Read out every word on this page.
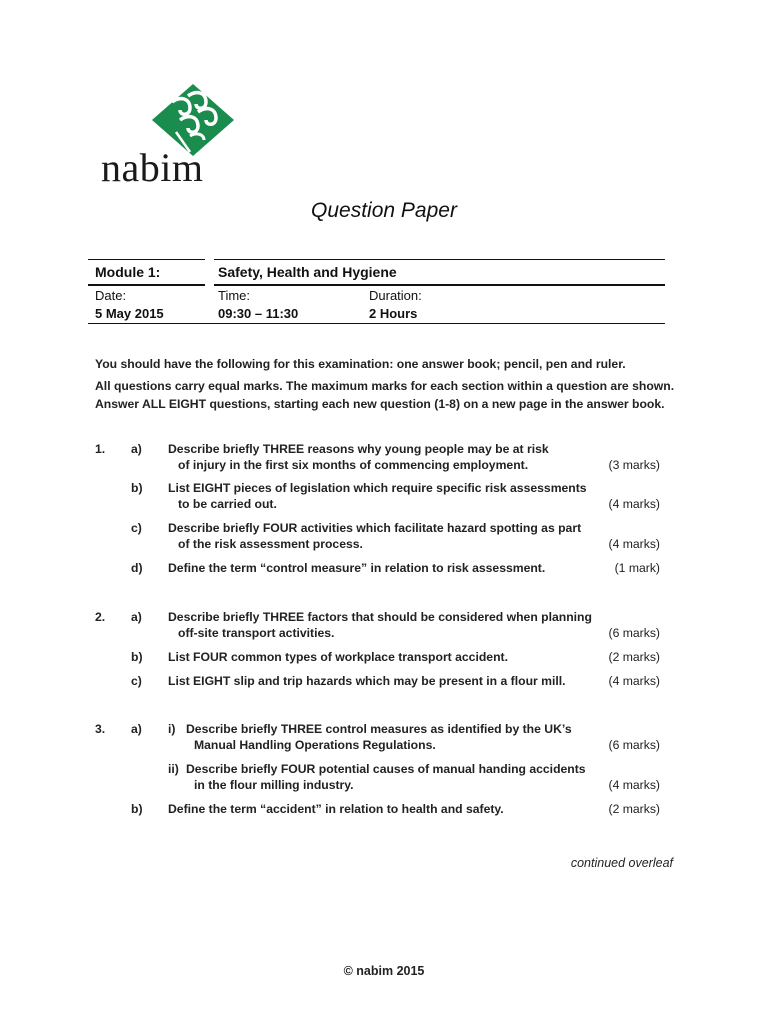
nabim
Question Paper
Module 1:	Safety, Health and Hygiene
Date:	Time:	Duration:
5 May 2015	09:30 – 11:30	2 Hours
You should have the following for this examination: one answer book; pencil, pen and ruler.
All questions carry equal marks. The maximum marks for each section within a question are shown.
Answer ALL EIGHT questions, starting each new question (1-8) on a new page in the answer book.
1. a) Describe briefly THREE reasons why young people may be at risk
of injury in the first six months of commencing employment.	(3 marks)
b) List EIGHT pieces of legislation which require specific risk assessments
to be carried out.	(4 marks)
c) Describe briefly FOUR activities which facilitate hazard spotting as part
of the risk assessment process.	(4 marks)
d) Define the term “control measure” in relation to risk assessment.	(1 mark)
2. a) Describe briefly THREE factors that should be considered when planning
off-site transport activities.	(6 marks)
b) List FOUR common types of workplace transport accident.	(2 marks)
c) List EIGHT slip and trip hazards which may be present in a flour mill.	(4 marks)
3. a) i) Describe briefly THREE control measures as identified by the UK’s
Manual Handling Operations Regulations.	(6 marks)
ii) Describe briefly FOUR potential causes of manual handing accidents
in the flour milling industry.	(4 marks)
b) Define the term “accident” in relation to health and safety.	(2 marks)
continued overleaf
© nabim 2015
